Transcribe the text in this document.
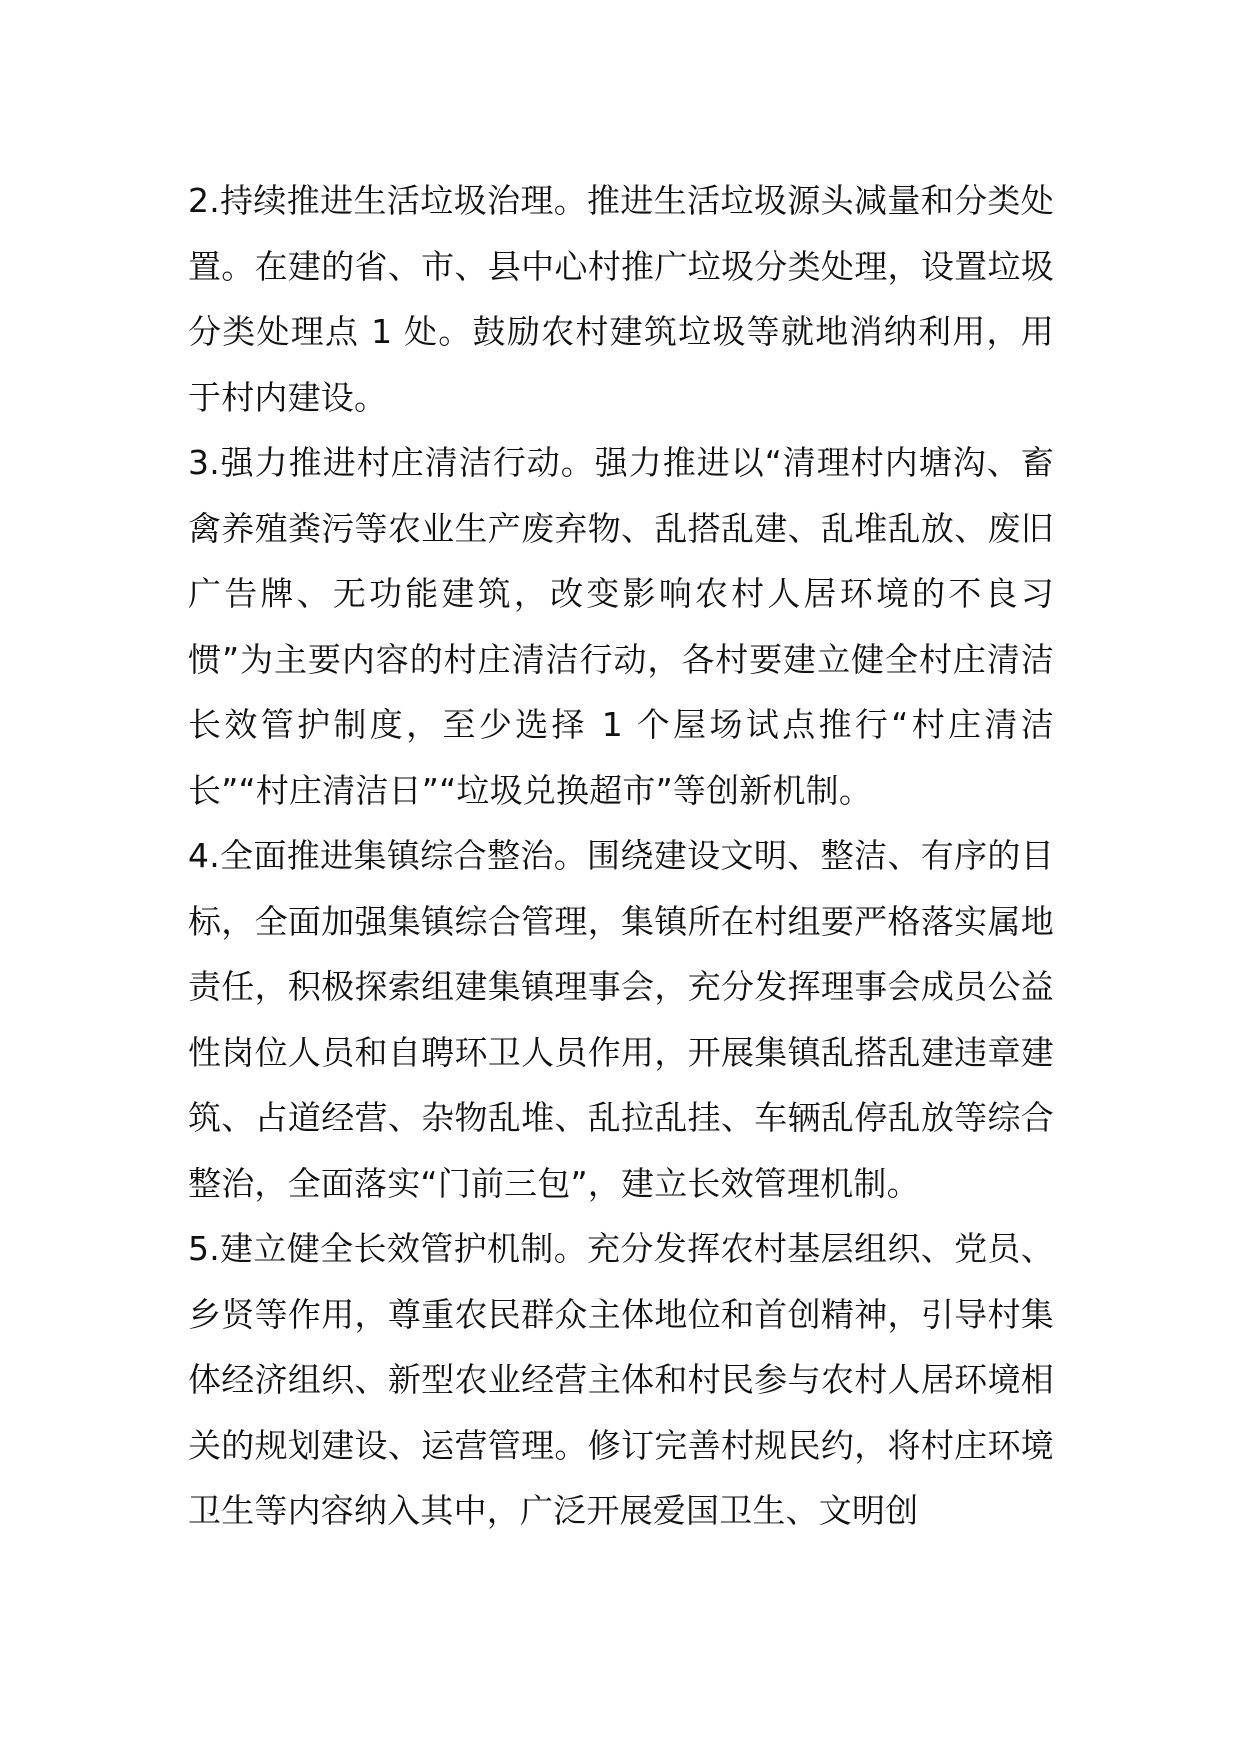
2.持续推进生活垃圾治理。推进生活垃圾源头减量和分类处置。在建的省、市、县中心村推广垃圾分类处理，设置垃圾分类处理点 1 处。鼓励农村建筑垃圾等就地消纳利用，用于村内建设。

3.强力推进村庄清洁行动。强力推进以“清理村内塘沟、畜禽养殖粪污等农业生产废弃物、乱搭乱建、乱堆乱放、废旧广告牌、无功能建筑，改变影响农村人居环境的不良习惯”为主要内容的村庄清洁行动，各村要建立健全村庄清洁长效管护制度，至少选择 1 个屋场试点推行“村庄清洁长”“村庄清洁日”“垃圾兑换超市”等创新机制。

4.全面推进集镇综合整治。围绕建设文明、整洁、有序的目标，全面加强集镇综合管理，集镇所在村组要严格落实属地责任，积极探索组建集镇理事会，充分发挥理事会成员公益性岗位人员和自聘环卫人员作用，开展集镇乱搭乱建违章建筑、占道经营、杂物乱堆、乱拉乱挂、车辆乱停乱放等综合整治，全面落实“门前三包”，建立长效管理机制。

5.建立健全长效管护机制。充分发挥农村基层组织、党员、乡贤等作用，尊重农民群众主体地位和首创精神，引导村集体经济组织、新型农业经营主体和村民参与农村人居环境相关的规划建设、运营管理。修订完善村规民约，将村庄环境卫生等内容纳入其中，广泛开展爱国卫生、文明创
